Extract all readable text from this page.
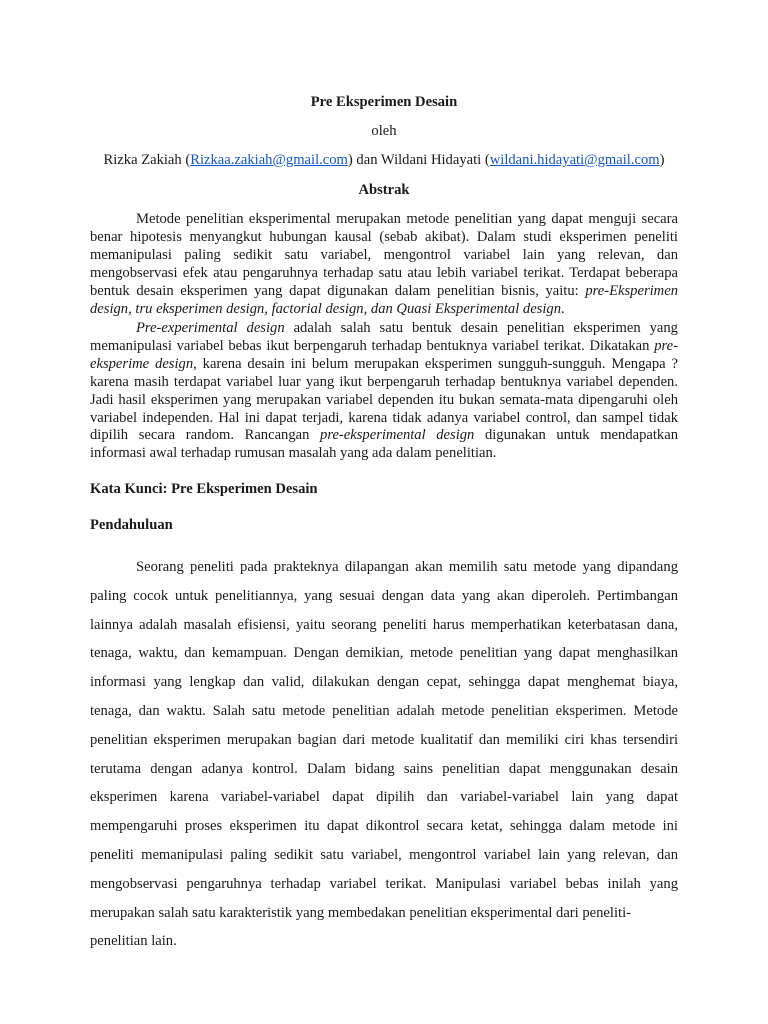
Pre Eksperimen Desain
oleh
Rizka Zakiah (Rizkaa.zakiah@gmail.com) dan Wildani Hidayati (wildani.hidayati@gmail.com)
Abstrak

Metode penelitian eksperimental merupakan metode penelitian yang dapat menguji secara benar hipotesis menyangkut hubungan kausal (sebab akibat). Dalam studi eksperimen peneliti memanipulasi paling sedikit satu variabel, mengontrol variabel lain yang relevan, dan mengobservasi efek atau pengaruhnya terhadap satu atau lebih variabel terikat. Terdapat beberapa bentuk desain eksperimen yang dapat digunakan dalam penelitian bisnis, yaitu: pre-Eksperimen design, tru eksperimen design, factorial design, dan Quasi Eksperimental design.

Pre-experimental design adalah salah satu bentuk desain penelitian eksperimen yang memanipulasi variabel bebas ikut berpengaruh terhadap bentuknya variabel terikat. Dikatakan pre-eksperime design, karena desain ini belum merupakan eksperimen sungguh-sungguh. Mengapa ? karena masih terdapat variabel luar yang ikut berpengaruh terhadap bentuknya variabel dependen. Jadi hasil eksperimen yang merupakan variabel dependen itu bukan semata-mata dipengaruhi oleh variabel independen. Hal ini dapat terjadi, karena tidak adanya variabel control, dan sampel tidak dipilih secara random. Rancangan pre-eksperimental design digunakan untuk mendapatkan informasi awal terhadap rumusan masalah yang ada dalam penelitian.

Kata Kunci: Pre Eksperimen Desain
Pendahuluan

Seorang peneliti pada prakteknya dilapangan akan memilih satu metode yang dipandang paling cocok untuk penelitiannya, yang sesuai dengan data yang akan diperoleh. Pertimbangan lainnya adalah masalah efisiensi, yaitu seorang peneliti harus memperhatikan keterbatasan dana, tenaga, waktu, dan kemampuan. Dengan demikian, metode penelitian yang dapat menghasilkan informasi yang lengkap dan valid, dilakukan dengan cepat, sehingga dapat menghemat biaya, tenaga, dan waktu. Salah satu metode penelitian adalah metode penelitian eksperimen. Metode penelitian eksperimen merupakan bagian dari metode kualitatif dan memiliki ciri khas tersendiri terutama dengan adanya kontrol. Dalam bidang sains penelitian dapat menggunakan desain eksperimen karena variabel-variabel dapat dipilih dan variabel-variabel lain yang dapat mempengaruhi proses eksperimen itu dapat dikontrol secara ketat, sehingga dalam metode ini peneliti memanipulasi paling sedikit satu variabel, mengontrol variabel lain yang relevan, dan mengobservasi pengaruhnya terhadap variabel terikat. Manipulasi variabel bebas inilah yang merupakan salah satu karakteristik yang membedakan penelitian eksperimental dari peneliti-

penelitian lain.
